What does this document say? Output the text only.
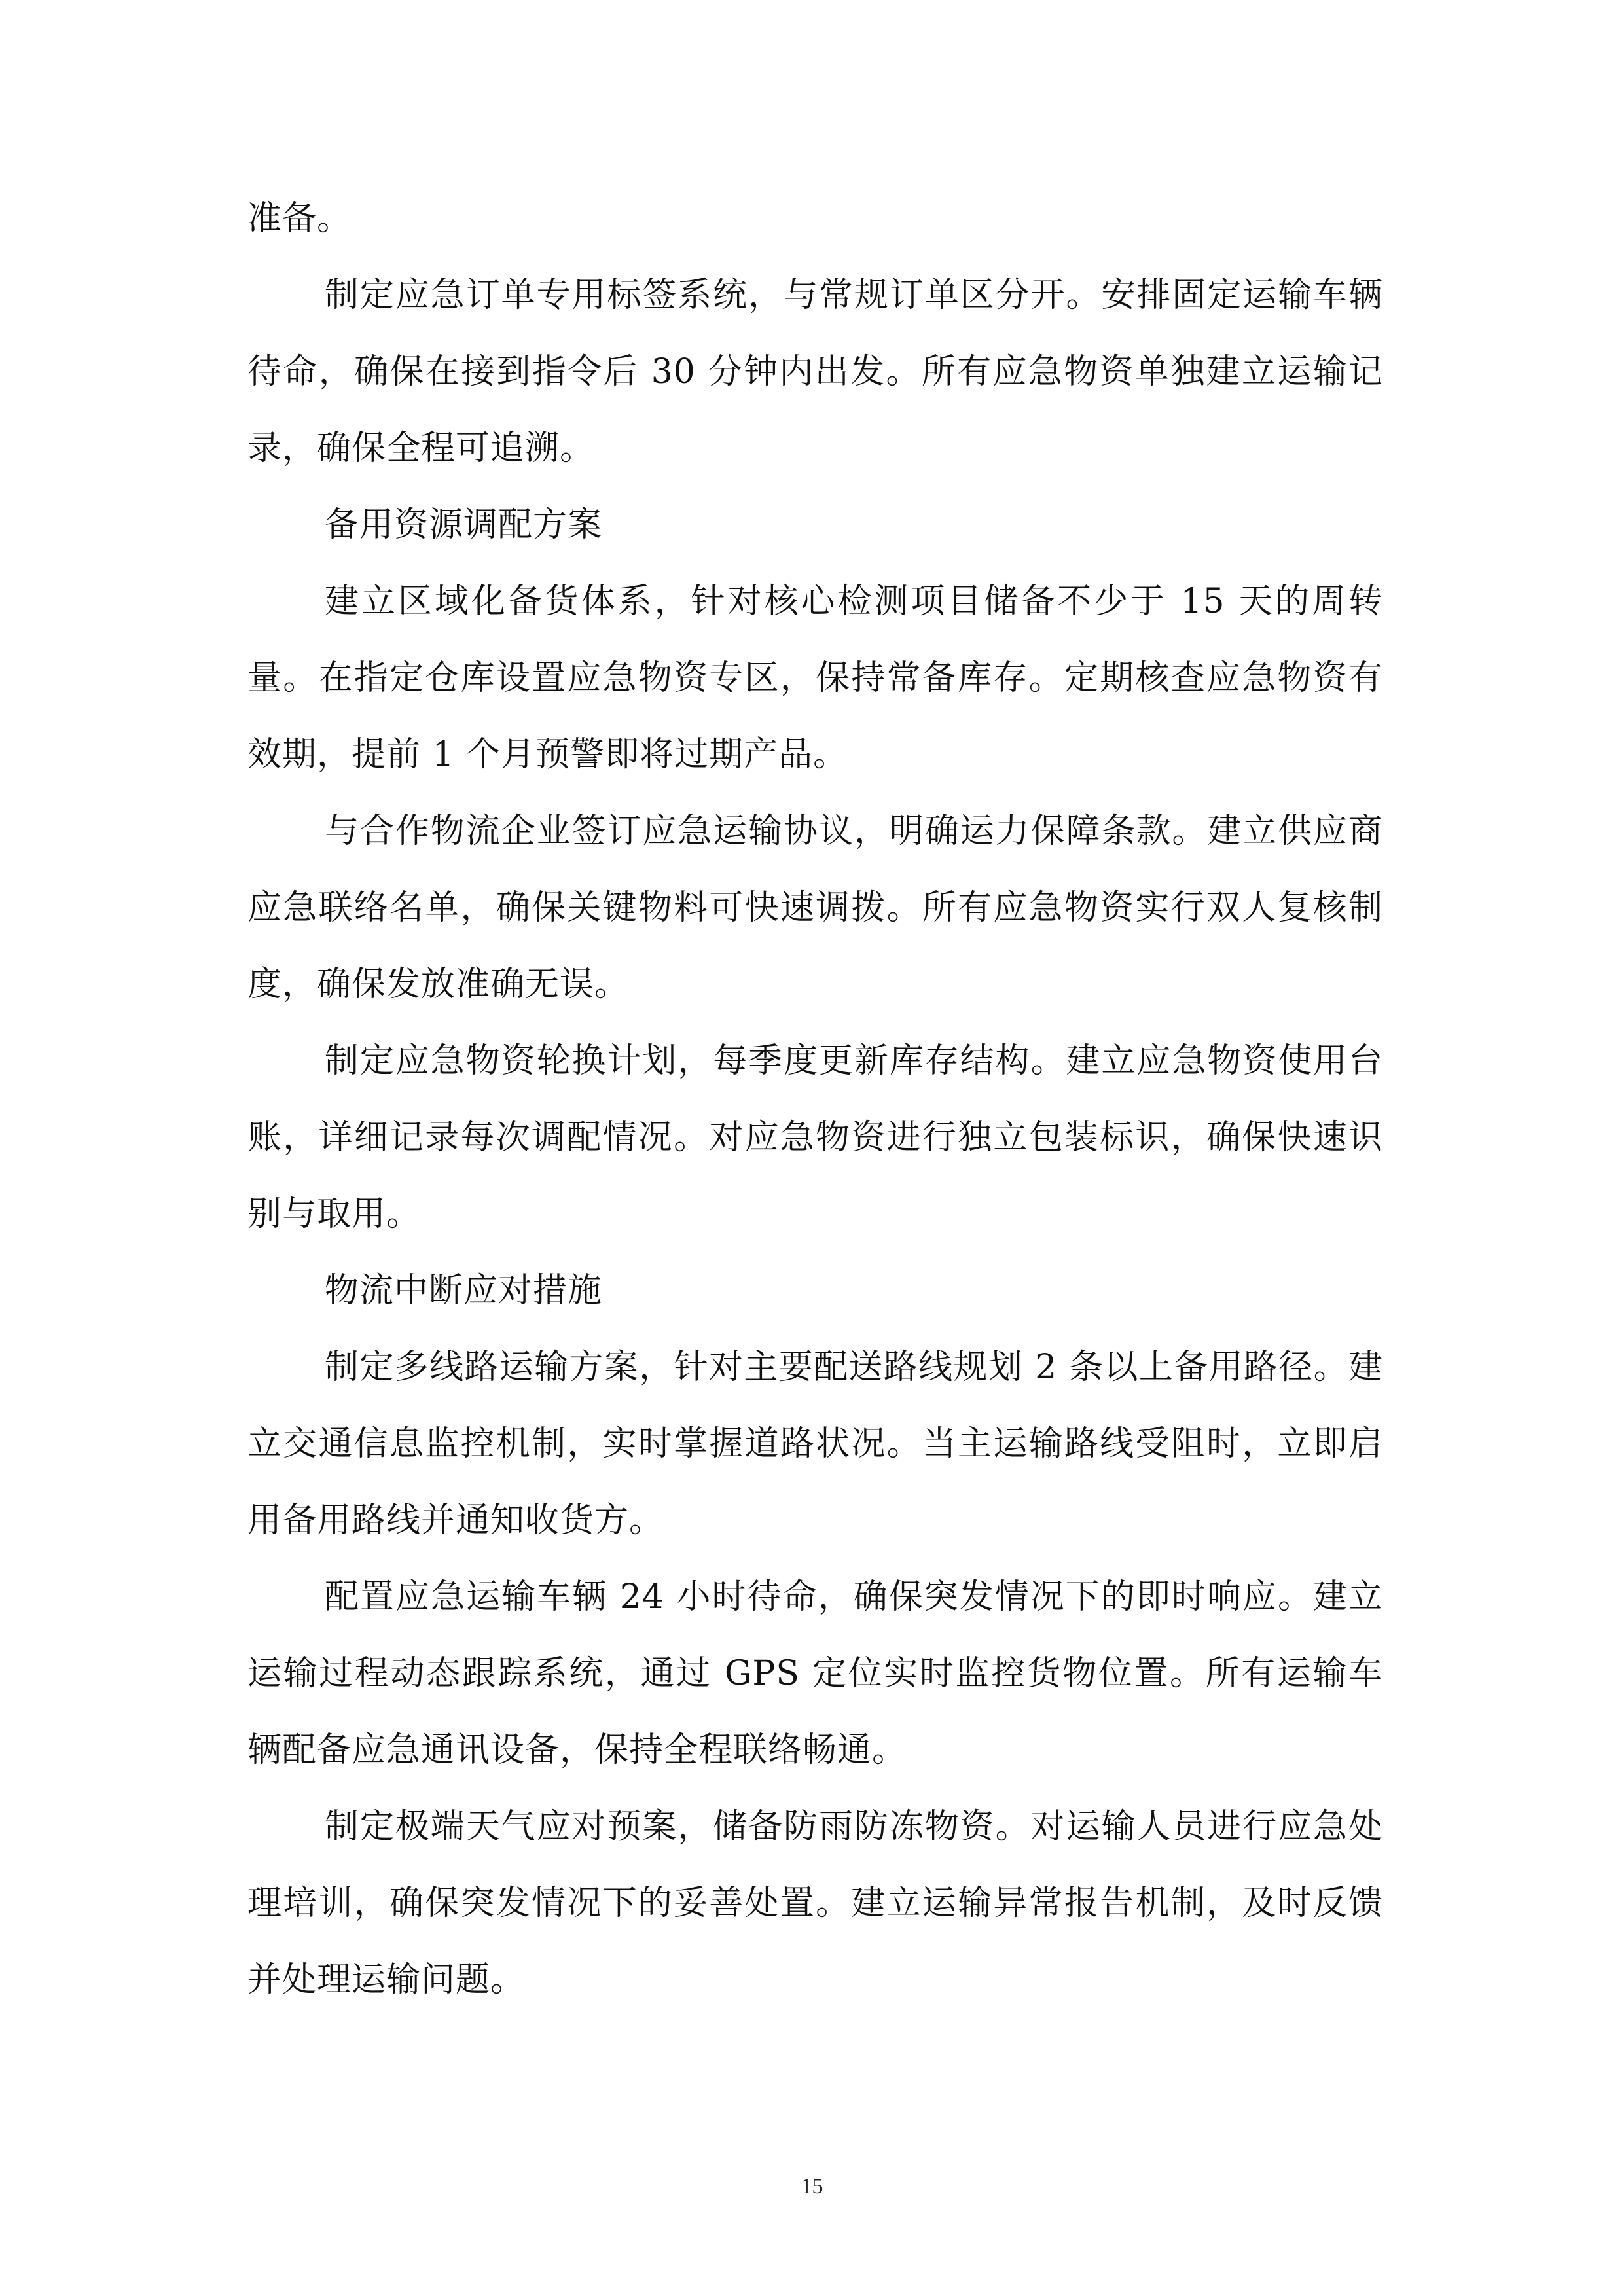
准备。

制定应急订单专用标签系统，与常规订单区分开。安排固定运输车辆待命，确保在接到指令后 30 分钟内出发。所有应急物资单独建立运输记录，确保全程可追溯。

备用资源调配方案

建立区域化备货体系，针对核心检测项目储备不少于 15 天的周转量。在指定仓库设置应急物资专区，保持常备库存。定期核查应急物资有效期，提前 1 个月预警即将过期产品。

与合作物流企业签订应急运输协议，明确运力保障条款。建立供应商应急联络名单，确保关键物料可快速调拨。所有应急物资实行双人复核制度，确保发放准确无误。

制定应急物资轮换计划，每季度更新库存结构。建立应急物资使用台账，详细记录每次调配情况。对应急物资进行独立包装标识，确保快速识别与取用。

物流中断应对措施

制定多线路运输方案，针对主要配送路线规划 2 条以上备用路径。建立交通信息监控机制，实时掌握道路状况。当主运输路线受阻时，立即启用备用路线并通知收货方。

配置应急运输车辆 24 小时待命，确保突发情况下的即时响应。建立运输过程动态跟踪系统，通过 GPS 定位实时监控货物位置。所有运输车辆配备应急通讯设备，保持全程联络畅通。

制定极端天气应对预案，储备防雨防冻物资。对运输人员进行应急处理培训，确保突发情况下的妥善处置。建立运输异常报告机制，及时反馈并处理运输问题。

15
